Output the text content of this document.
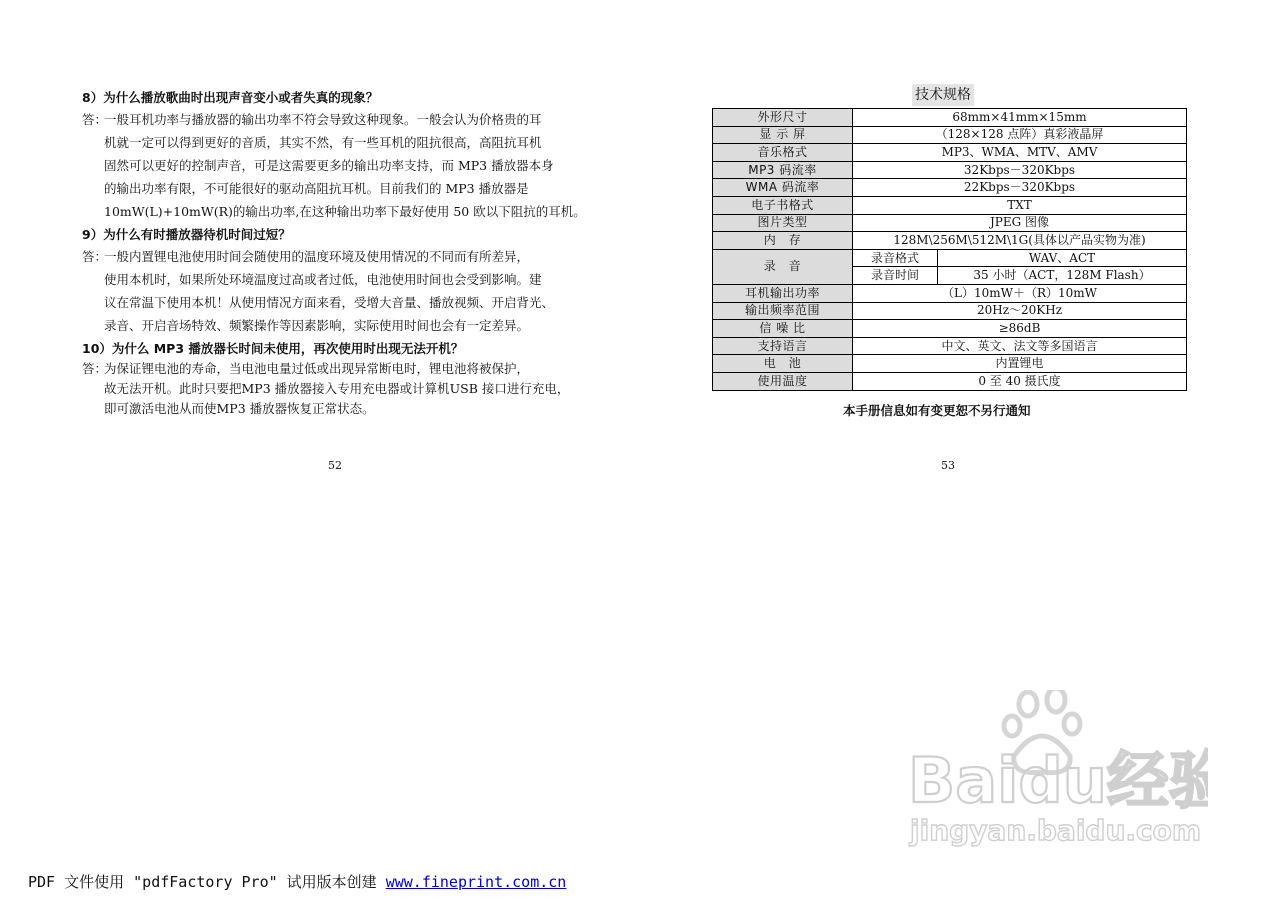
8）为什么播放歌曲时出现声音变小或者失真的现象？

答：
一般耳机功率与播放器的输出功率不符会导致这种现象。一般会认为价格贵的耳
机就一定可以得到更好的音质，其实不然，有一些耳机的阻抗很高，高阻抗耳机
固然可以更好的控制声音，可是这需要更多的输出功率支持，而 MP3 播放器本身
的输出功率有限，不可能很好的驱动高阻抗耳机。目前我们的 MP3 播放器是
10mW(L)+10mW(R)的输出功率,在这种输出功率下最好使用 50 欧以下阻抗的耳机。

9）为什么有时播放器待机时间过短？

答：
一般内置锂电池使用时间会随使用的温度环境及使用情况的不同而有所差异，
使用本机时，如果所处环境温度过高或者过低，电池使用时间也会受到影响。建
议在常温下使用本机！从使用情况方面来看，受增大音量、播放视频、开启背光、
录音、开启音场特效、频繁操作等因素影响，实际使用时间也会有一定差异。

10）为什么 MP3 播放器长时间未使用，再次使用时出现无法开机？

答：
为保证锂电池的寿命，当电池电量过低或出现异常断电时，锂电池将被保护，
故无法开机。此时只要把MP3 播放器接入专用充电器或计算机USB 接口进行充电，
即可激活电池从而使MP3 播放器恢复正常状态。
52
技术规格
外形尺寸	68mm×41mm×15mm	
显 示 屏	（128×128 点阵）真彩液晶屏	
音乐格式	MP3、WMA、MTV、AMV	
MP3 码流率	32Kbps－320Kbps	
WMA 码流率	22Kbps－320Kbps	
电子书格式	TXT	
图片类型	JPEG 图像	
内　存	128M\256M\512M\1G(具体以产品实物为准)	
录　音	录音格式	WAV、ACT
	录音时间	35 小时（ACT，128M Flash）
耳机输出功率	（L）10mW＋（R）10mW	
输出频率范围	20Hz～20KHz	
信 噪 比	≥86dB	
支持语言	中文、英文、法文等多国语言	
电　池	内置锂电	
使用温度	0 至 40 摄氏度	
本手册信息如有变更恕不另行通知
53
Baidu经验
jingyan.baidu.com
PDF 文件使用 "pdfFactory Pro" 试用版本创建 www.fineprint.com.cn
